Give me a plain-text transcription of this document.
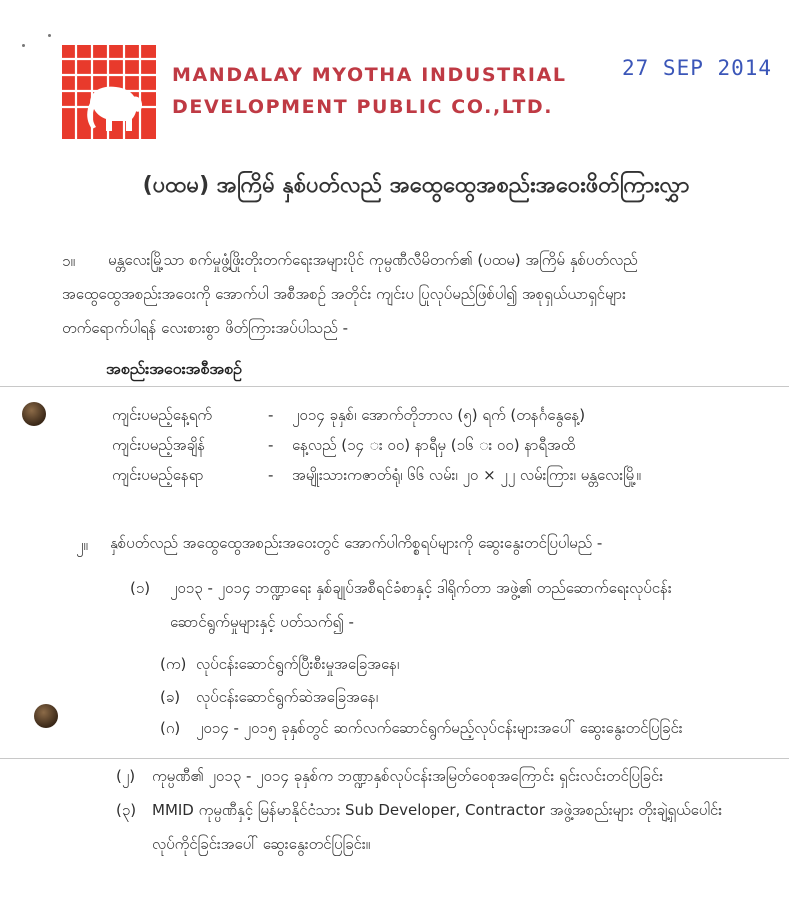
MANDALAY MYOTHA INDUSTRIAL
DEVELOPMENT PUBLIC CO.,LTD.
27 SEP 2014
(ပထမ) အကြိမ် နှစ်ပတ်လည် အထွေထွေအစည်းအဝေးဖိတ်ကြားလွှာ
၁။ မန္တလေးမြို့သာ စက်မှုဖွံ့ဖြိုးတိုးတက်ရေးအများပိုင် ကုမ္ပဏီလီမိတက်၏ (ပထမ) အကြိမ် နှစ်ပတ်လည်
အထွေထွေအစည်းအဝေးကို အောက်ပါ အစီအစဉ် အတိုင်း ကျင်းပ ပြုလုပ်မည်ဖြစ်ပါ၍ အစုရှယ်ယာရှင်များ
တက်ရောက်ပါရန် လေးစားစွာ ဖိတ်ကြားအပ်ပါသည် -
အစည်းအဝေးအစီအစဉ်
ကျင်းပမည့်နေ့ရက်	- ၂၀၁၄ ခုနှစ်၊ အောက်တိုဘာလ (၅) ရက် (တနင်္ဂနွေနေ့)
ကျင်းပမည့်အချိန်	- နေ့လည် (၁၄ း ၀၀) နာရီမှ (၁၆ း ၀၀) နာရီအထိ
ကျင်းပမည့်နေရာ	- အမျိုးသားကဇာတ်ရုံ၊ ၆၆ လမ်း၊ ၂၀ × ၂၂ လမ်းကြား၊ မန္တလေးမြို့။
၂။ နှစ်ပတ်လည် အထွေထွေအစည်းအဝေးတွင် အောက်ပါကိစ္စရပ်များကို ဆွေးနွေးတင်ပြပါမည် -
(၁) ၂၀၁၃ - ၂၀၁၄ ဘဏ္ဍာရေး နှစ်ချုပ်အစီရင်ခံစာနှင့် ဒါရိုက်တာ အဖွဲ့၏ တည်ဆောက်ရေးလုပ်ငန်း
ဆောင်ရွက်မှုများနှင့် ပတ်သက်၍ -
(က) လုပ်ငန်းဆောင်ရွက်ပြီးစီးမှုအခြေအနေ၊
(ခ) လုပ်ငန်းဆောင်ရွက်ဆဲအခြေအနေ၊
(ဂ) ၂၀၁၄ - ၂၀၁၅ ခုနှစ်တွင် ဆက်လက်ဆောင်ရွက်မည့်လုပ်ငန်းများအပေါ် ဆွေးနွေးတင်ပြခြင်း
(၂) ကုမ္ပဏီ၏ ၂၀၁၃ - ၂၀၁၄ ခုနှစ်က ဘဏ္ဍာနှစ်လုပ်ငန်းအမြတ်ဝေစုအကြောင်း ရှင်းလင်းတင်ပြခြင်း
(၃) MMID ကုမ္ပဏီနှင့် မြန်မာနိုင်ငံသား Sub Developer, Contractor အဖွဲ့အစည်းများ တိုးချဲ့ရှယ်ပေါင်း
လုပ်ကိုင်ခြင်းအပေါ် ဆွေးနွေးတင်ပြခြင်း။
